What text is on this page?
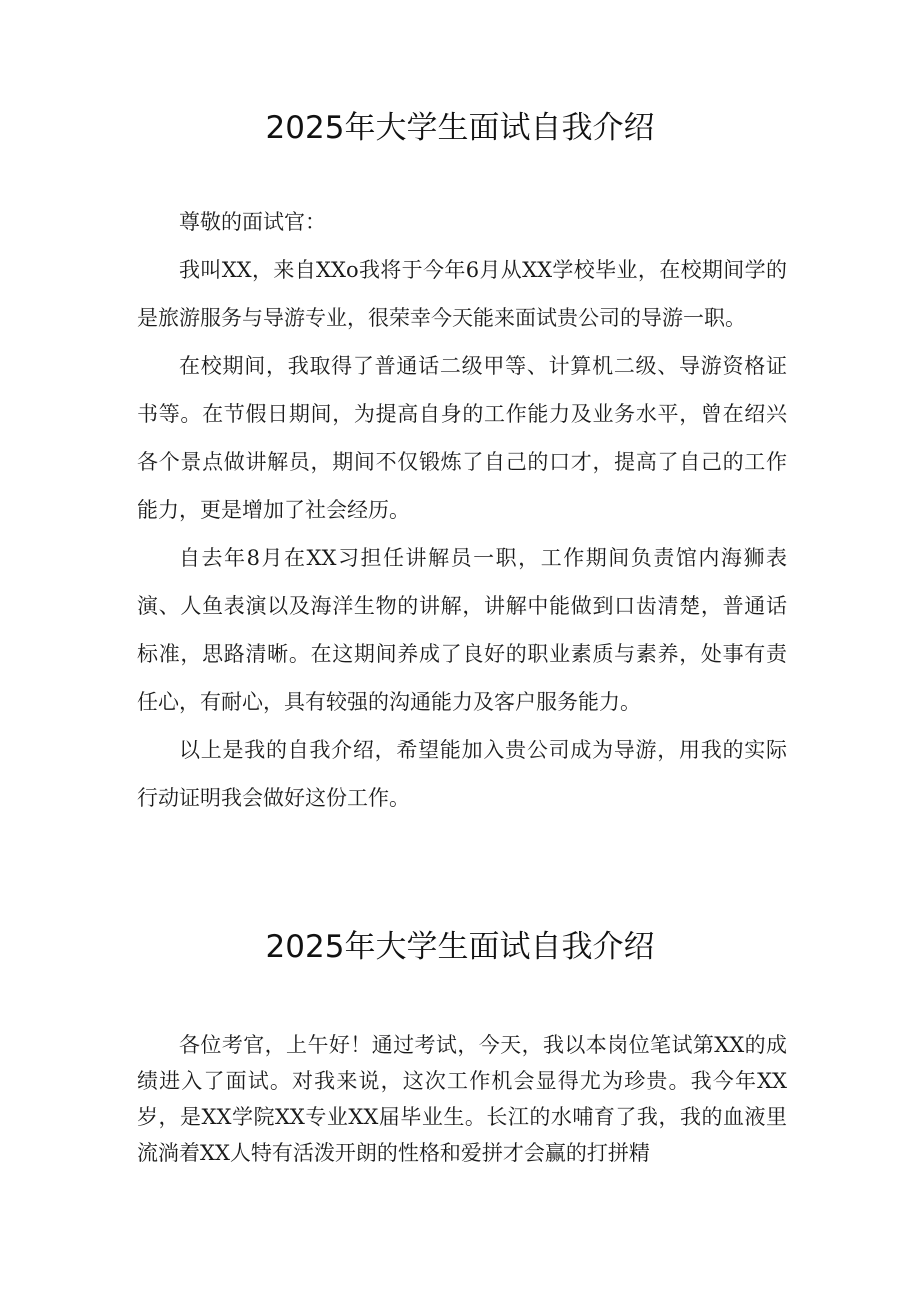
2025年大学生面试自我介绍

尊敬的面试官：

我叫XX，来自XXo我将于今年6月从XX学校毕业，在校期间学的是旅游服务与导游专业，很荣幸今天能来面试贵公司的导游一职。

在校期间，我取得了普通话二级甲等、计算机二级、导游资格证书等。在节假日期间，为提高自身的工作能力及业务水平，曾在绍兴各个景点做讲解员，期间不仅锻炼了自己的口才，提高了自己的工作能力，更是增加了社会经历。

自去年8月在XX习担任讲解员一职，工作期间负责馆内海狮表演、人鱼表演以及海洋生物的讲解，讲解中能做到口齿清楚，普通话标准，思路清晰。在这期间养成了良好的职业素质与素养，处事有责任心，有耐心，具有较强的沟通能力及客户服务能力。

以上是我的自我介绍，希望能加入贵公司成为导游，用我的实际行动证明我会做好这份工作。

2025年大学生面试自我介绍

各位考官，上午好！通过考试，今天，我以本岗位笔试第XX的成绩进入了面试。对我来说，这次工作机会显得尤为珍贵。我今年XX岁，是XX学院XX专业XX届毕业生。长江的水哺育了我，我的血液里流淌着XX人特有活泼开朗的性格和爱拼才会赢的打拼精
